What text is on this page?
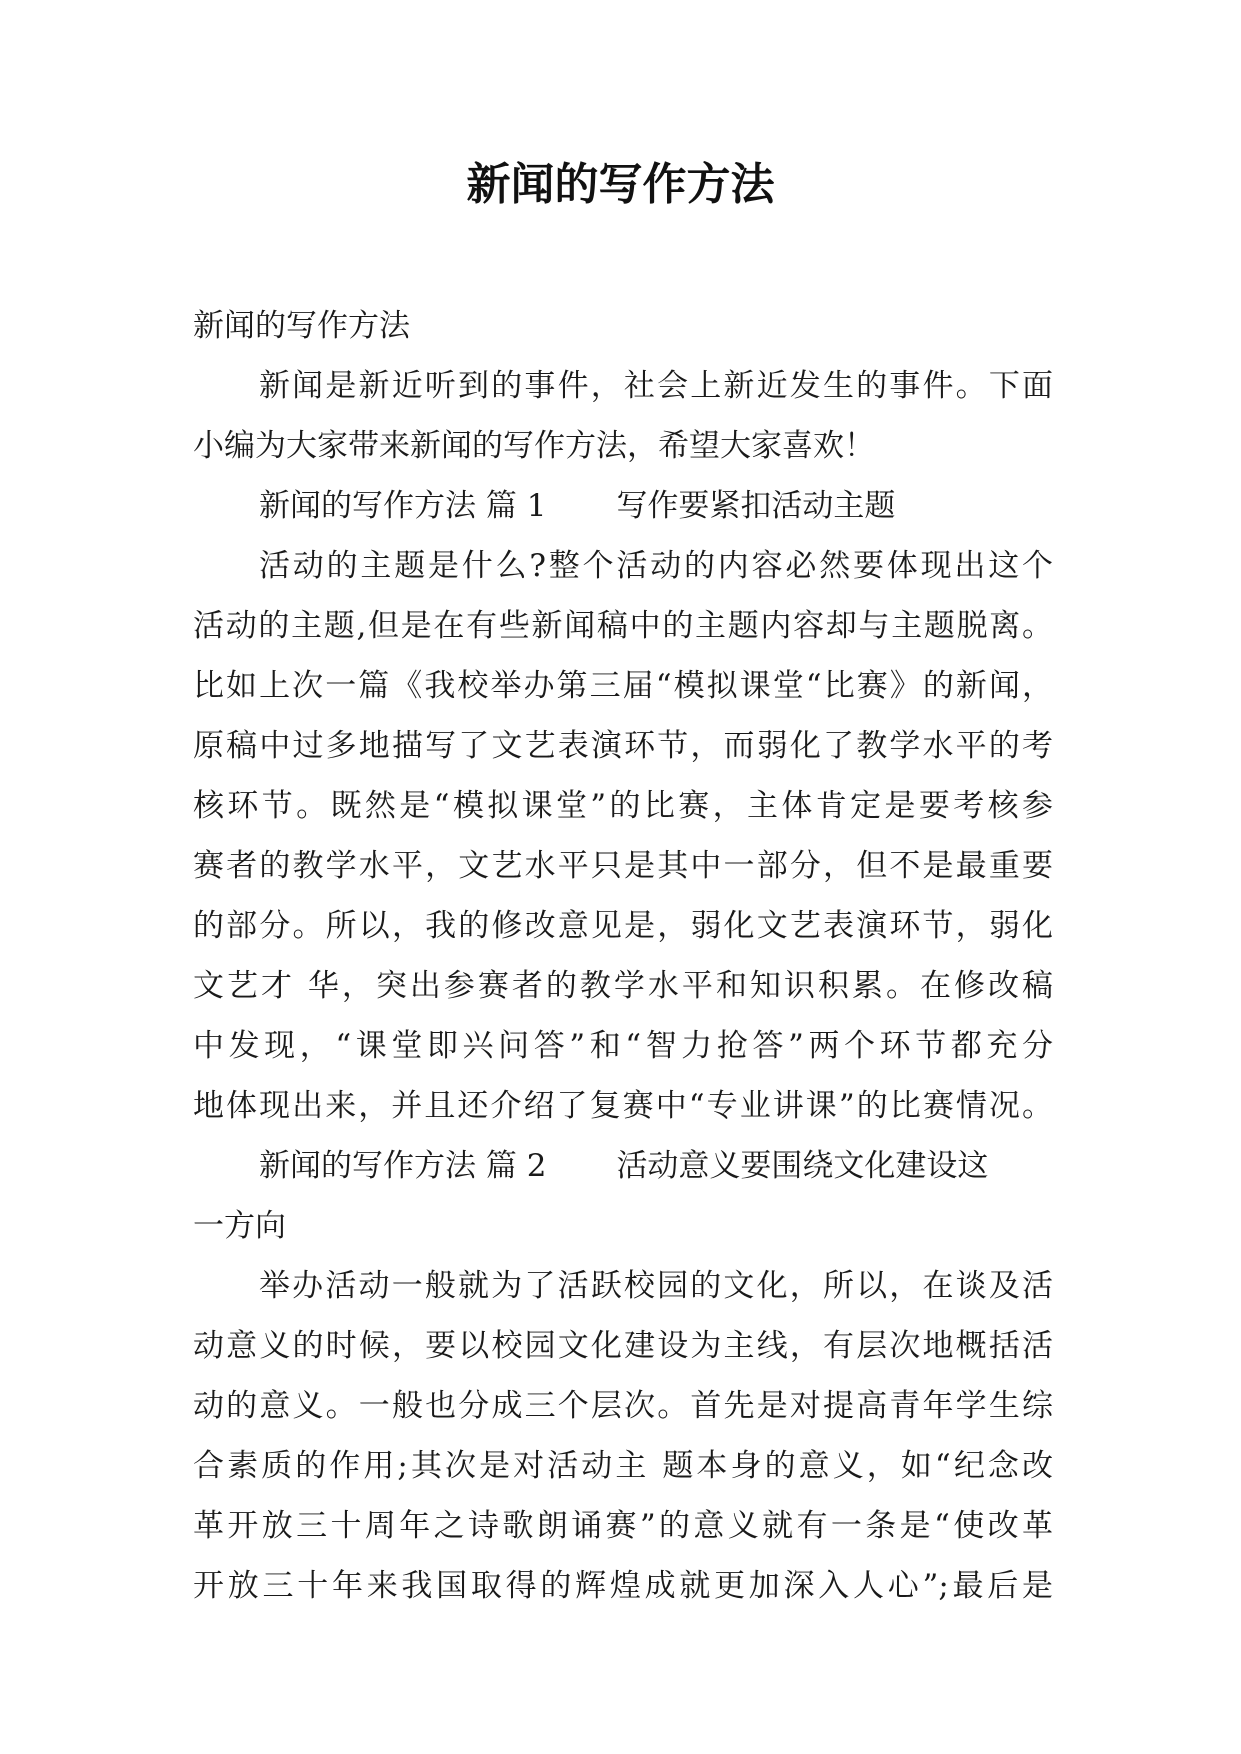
新闻的写作方法
新闻的写作方法
新闻是新近听到的事件，社会上新近发生的事件。下面
小编为大家带来新闻的写作方法，希望大家喜欢！
新闻的写作方法 篇 1 写作要紧扣活动主题
活动的主题是什么?整个活动的内容必然要体现出这个
活动的主题,但是在有些新闻稿中的主题内容却与主题脱离。
比如上次一篇《我校举办第三届“模拟课堂“比赛》的新闻，
原稿中过多地描写了文艺表演环节，而弱化了教学水平的考
核环节。既然是“模拟课堂”的比赛，主体肯定是要考核参
赛者的教学水平，文艺水平只是其中一部分，但不是最重要
的部分。所以，我的修改意见是，弱化文艺表演环节，弱化
文艺才 华，突出参赛者的教学水平和知识积累。在修改稿
中发现，“课堂即兴问答”和“智力抢答”两个环节都充分
地体现出来，并且还介绍了复赛中“专业讲课”的比赛情况。
新闻的写作方法 篇 2 活动意义要围绕文化建设这
一方向
举办活动一般就为了活跃校园的文化，所以，在谈及活
动意义的时候，要以校园文化建设为主线，有层次地概括活
动的意义。一般也分成三个层次。首先是对提高青年学生综
合素质的作用;其次是对活动主 题本身的意义，如“纪念改
革开放三十周年之诗歌朗诵赛”的意义就有一条是“使改革
开放三十年来我国取得的辉煌成就更加深入人心”;最后是
